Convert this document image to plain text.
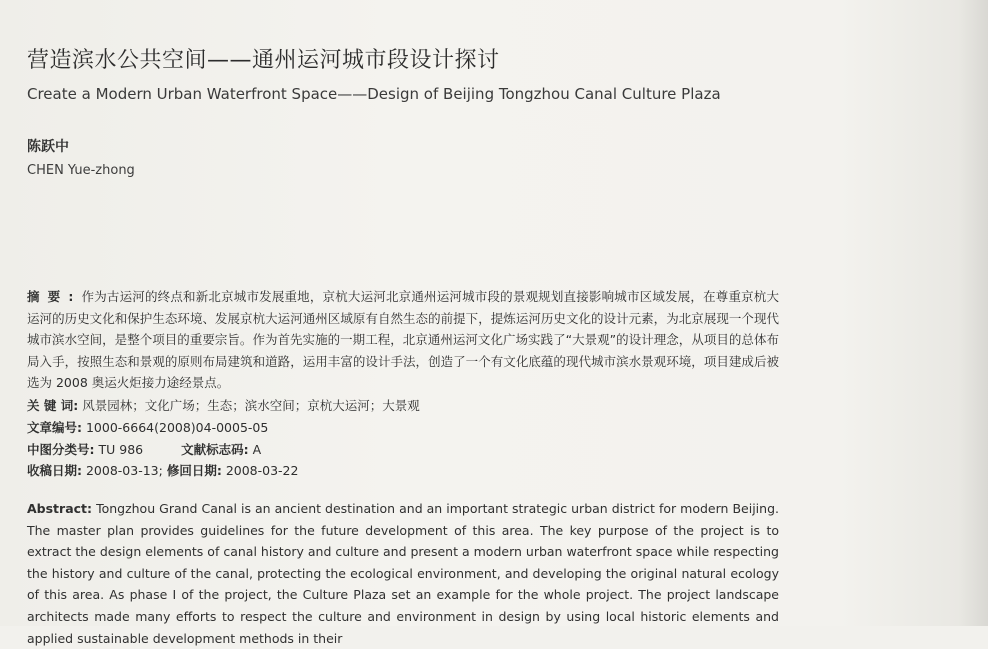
营造滨水公共空间——通州运河城市段设计探讨
Create a Modern Urban Waterfront Space——Design of Beijing Tongzhou Canal Culture Plaza
陈跃中
CHEN Yue-zhong
摘要:作为古运河的终点和新北京城市发展重地，京杭大运河北京通州运河城市段的景观规划直接影响城市区域发展，在尊重京杭大运河的历史文化和保护生态环境、发展京杭大运河通州区域原有自然生态的前提下，提炼运河历史文化的设计元素，为北京展现一个现代城市滨水空间，是整个项目的重要宗旨。作为首先实施的一期工程，北京通州运河文化广场实践了“大景观”的设计理念，从项目的总体布局入手，按照生态和景观的原则布局建筑和道路，运用丰富的设计手法，创造了一个有文化底蕴的现代城市滨水景观环境，项目建成后被选为 2008 奥运火炬接力途经景点。
关 键 词: 风景园林；文化广场；生态；滨水空间；京杭大运河；大景观
文章编号: 1000-6664(2008)04-0005-05
中图分类号: TU 986	文献标志码: A
收稿日期: 2008-03-13; 修回日期: 2008-03-22
Abstract: Tongzhou Grand Canal is an ancient destination and an important strategic urban district for modern Beijing. The master plan provides guidelines for the future development of this area. The key purpose of the project is to extract the design elements of canal history and culture and present a modern urban waterfront space while respecting the history and culture of the canal, protecting the ecological environment, and developing the original natural ecology of this area. As phase I of the project, the Culture Plaza set an example for the whole project. The project landscape architects made many efforts to respect the culture and environment in design by using local historic elements and applied sustainable development methods in their
